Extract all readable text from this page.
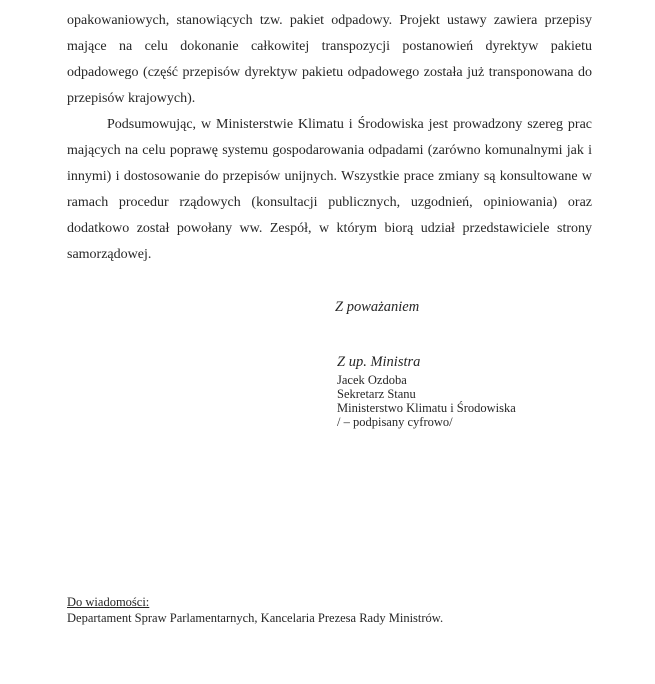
opakowaniowych, stanowiących tzw. pakiet odpadowy. Projekt ustawy zawiera przepisy mające na celu dokonanie całkowitej transpozycji postanowień dyrektyw pakietu odpadowego (część przepisów dyrektyw pakietu odpadowego została już transponowana do przepisów krajowych).

Podsumowując, w Ministerstwie Klimatu i Środowiska jest prowadzony szereg prac mających na celu poprawę systemu gospodarowania odpadami (zarówno komunalnymi jak i innymi) i dostosowanie do przepisów unijnych. Wszystkie prace zmiany są konsultowane w ramach procedur rządowych (konsultacji publicznych, uzgodnień, opiniowania) oraz dodatkowo został powołany ww. Zespół, w którym biorą udział przedstawiciele strony samorządowej.

Z poważaniem
Z up. Ministra
Jacek Ozdoba
Sekretarz Stanu
Ministerstwo Klimatu i Środowiska
/ – podpisany cyfrowo/
Do wiadomości:
Departament Spraw Parlamentarnych, Kancelaria Prezesa Rady Ministrów.
